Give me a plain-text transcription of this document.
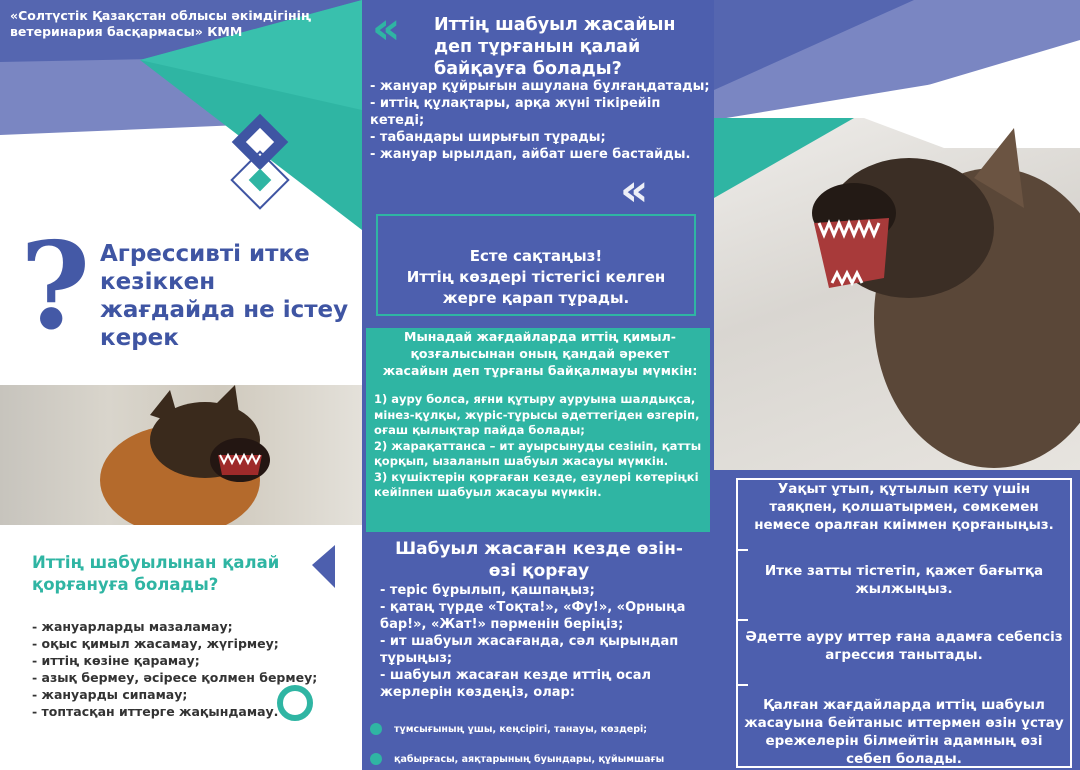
«Солтүстік Қазақстан облысы әкімдігінің ветеринария басқармасы» КММ
? Агрессивті итке кезіккен жағдайда не істеу керек
Иттің шабуылынан қалай қорғануға болады?
- жануарларды мазаламау;
- оқыс қимыл жасамау, жүгірмеу;
- иттің көзіне қарамау;
- азық бермеу, әсіресе қолмен бермеу;
- жануарды сипамау;
- топтасқан иттерге жақындамау.
« Иттің шабуыл жасайын деп тұрғанын қалай байқауға болады?
- жануар құйрығын ашулана бұлғаңдатады;
- иттің құлақтары, арқа жүні тікірейіп кетеді;
- табандары ширығып тұрады;
- жануар ырылдап, айбат шеге бастайды.
«
Есте сақтаңыз!
Иттің көздері тістегісі келген жерге қарап тұрады.
Мынадай жағдайларда иттің қимыл-қозғалысынан оның қандай әрекет жасайын деп тұрғаны байқалмауы мүмкін:
1) ауру болса, яғни құтыру ауруына шалдықса, мінез-құлқы, жүріс-тұрысы әдеттегіден өзгеріп, оғаш қылықтар пайда болады;
2) жарақаттанса – ит ауырсынуды сезініп, қатты қорқып, ызаланып шабуыл жасауы мүмкін.
3) күшіктерін қорғаған кезде, езулері көтеріңкі кейіппен шабуыл жасауы мүмкін.
Шабуыл жасаған кезде өзін-өзі қорғау
- теріс бұрылып, қашпаңыз;
- қатаң түрде «Тоқта!», «Фу!», «Орныңа бар!», «Жат!» пәрменін беріңіз;
- ит шабуыл жасағанда, сәл қырындап тұрыңыз;
- шабуыл жасаған кезде иттің осал жерлерін көздеңіз, олар:
тұмсығының ұшы, кеңсірігі, танауы, көздері;
қабырғасы, аяқтарының буындары, құйымшағы
Уақыт ұтып, құтылып кету үшін таяқпен, қолшатырмен, сөмкемен немесе оралған киіммен қорғаныңыз.
Итке затты тістетіп, қажет бағытқа жылжыңыз.
Әдетте ауру иттер ғана адамға себепсіз агрессия танытады.
Қалған жағдайларда иттің шабуыл жасауына бейтаныс иттермен өзін ұстау ережелерін білмейтін адамның өзі себеп болады.
